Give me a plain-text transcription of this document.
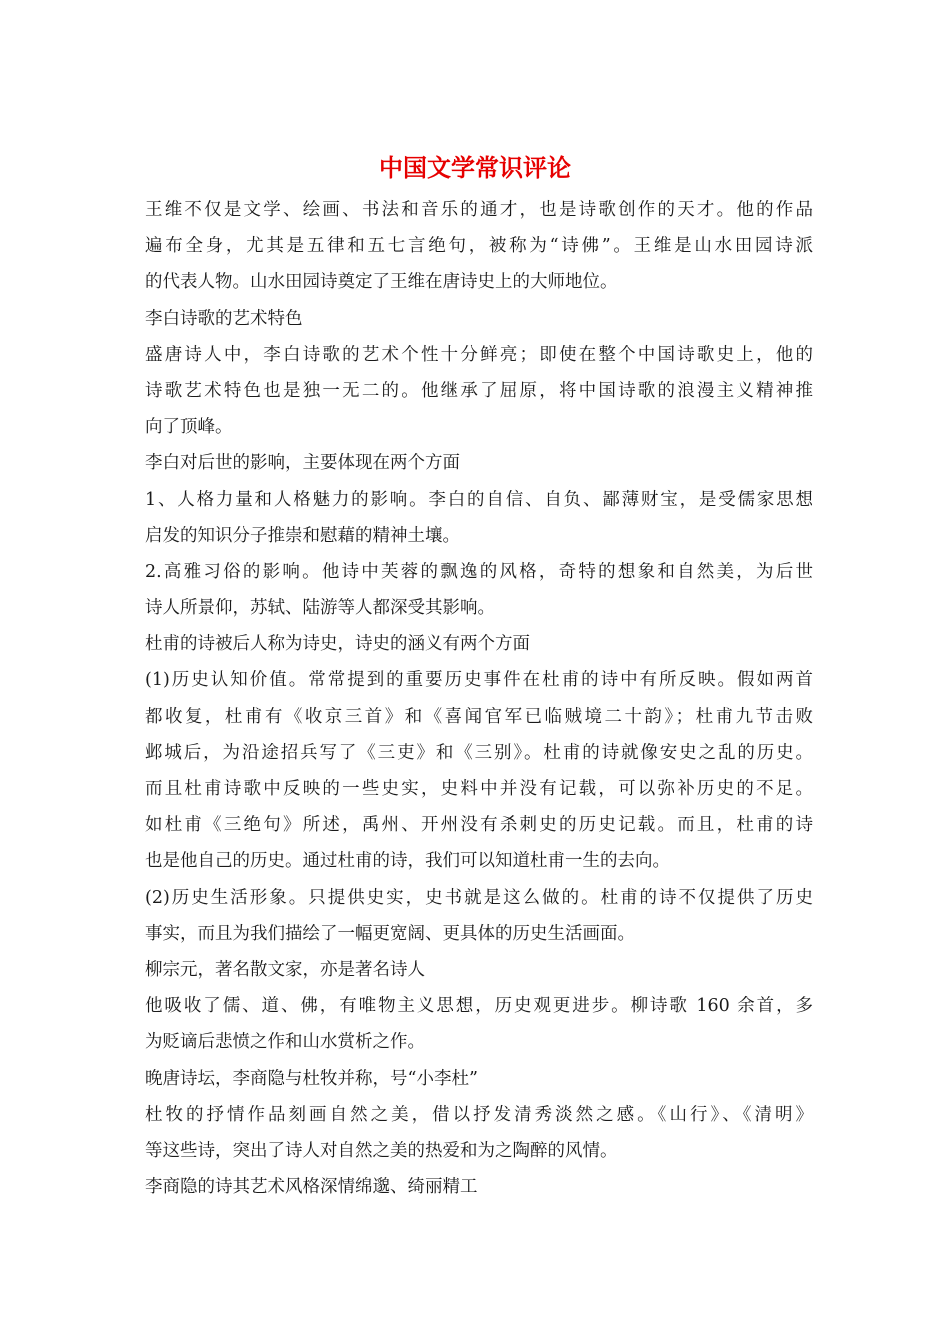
中国文学常识评论
王维不仅是文学、绘画、书法和音乐的通才，也是诗歌创作的天才。他的作品
遍布全身，尤其是五律和五七言绝句，被称为“诗佛”。王维是山水田园诗派
的代表人物。山水田园诗奠定了王维在唐诗史上的大师地位。
李白诗歌的艺术特色
盛唐诗人中，李白诗歌的艺术个性十分鲜亮；即使在整个中国诗歌史上，他的
诗歌艺术特色也是独一无二的。他继承了屈原，将中国诗歌的浪漫主义精神推
向了顶峰。
李白对后世的影响，主要体现在两个方面
1、人格力量和人格魅力的影响。李白的自信、自负、鄙薄财宝，是受儒家思想
启发的知识分子推崇和慰藉的精神土壤。
2.高雅习俗的影响。他诗中芙蓉的飘逸的风格，奇特的想象和自然美，为后世
诗人所景仰，苏轼、陆游等人都深受其影响。
杜甫的诗被后人称为诗史，诗史的涵义有两个方面
(1)历史认知价值。常常提到的重要历史事件在杜甫的诗中有所反映。假如两首
都收复，杜甫有《收京三首》和《喜闻官军已临贼境二十韵》；杜甫九节击败
邺城后，为沿途招兵写了《三吏》和《三别》。杜甫的诗就像安史之乱的历史。
而且杜甫诗歌中反映的一些史实，史料中并没有记载，可以弥补历史的不足。
如杜甫《三绝句》所述，禹州、开州没有杀刺史的历史记载。而且，杜甫的诗
也是他自己的历史。通过杜甫的诗，我们可以知道杜甫一生的去向。
(2)历史生活形象。只提供史实，史书就是这么做的。杜甫的诗不仅提供了历史
事实，而且为我们描绘了一幅更宽阔、更具体的历史生活画面。
柳宗元，著名散文家，亦是著名诗人
他吸收了儒、道、佛，有唯物主义思想，历史观更进步。柳诗歌 160 余首，多
为贬谪后悲愤之作和山水赏析之作。
晚唐诗坛，李商隐与杜牧并称，号“小李杜”
杜牧的抒情作品刻画自然之美，借以抒发清秀淡然之感。《山行》、《清明》
等这些诗，突出了诗人对自然之美的热爱和为之陶醉的风情。
李商隐的诗其艺术风格深情绵邈、绮丽精工
